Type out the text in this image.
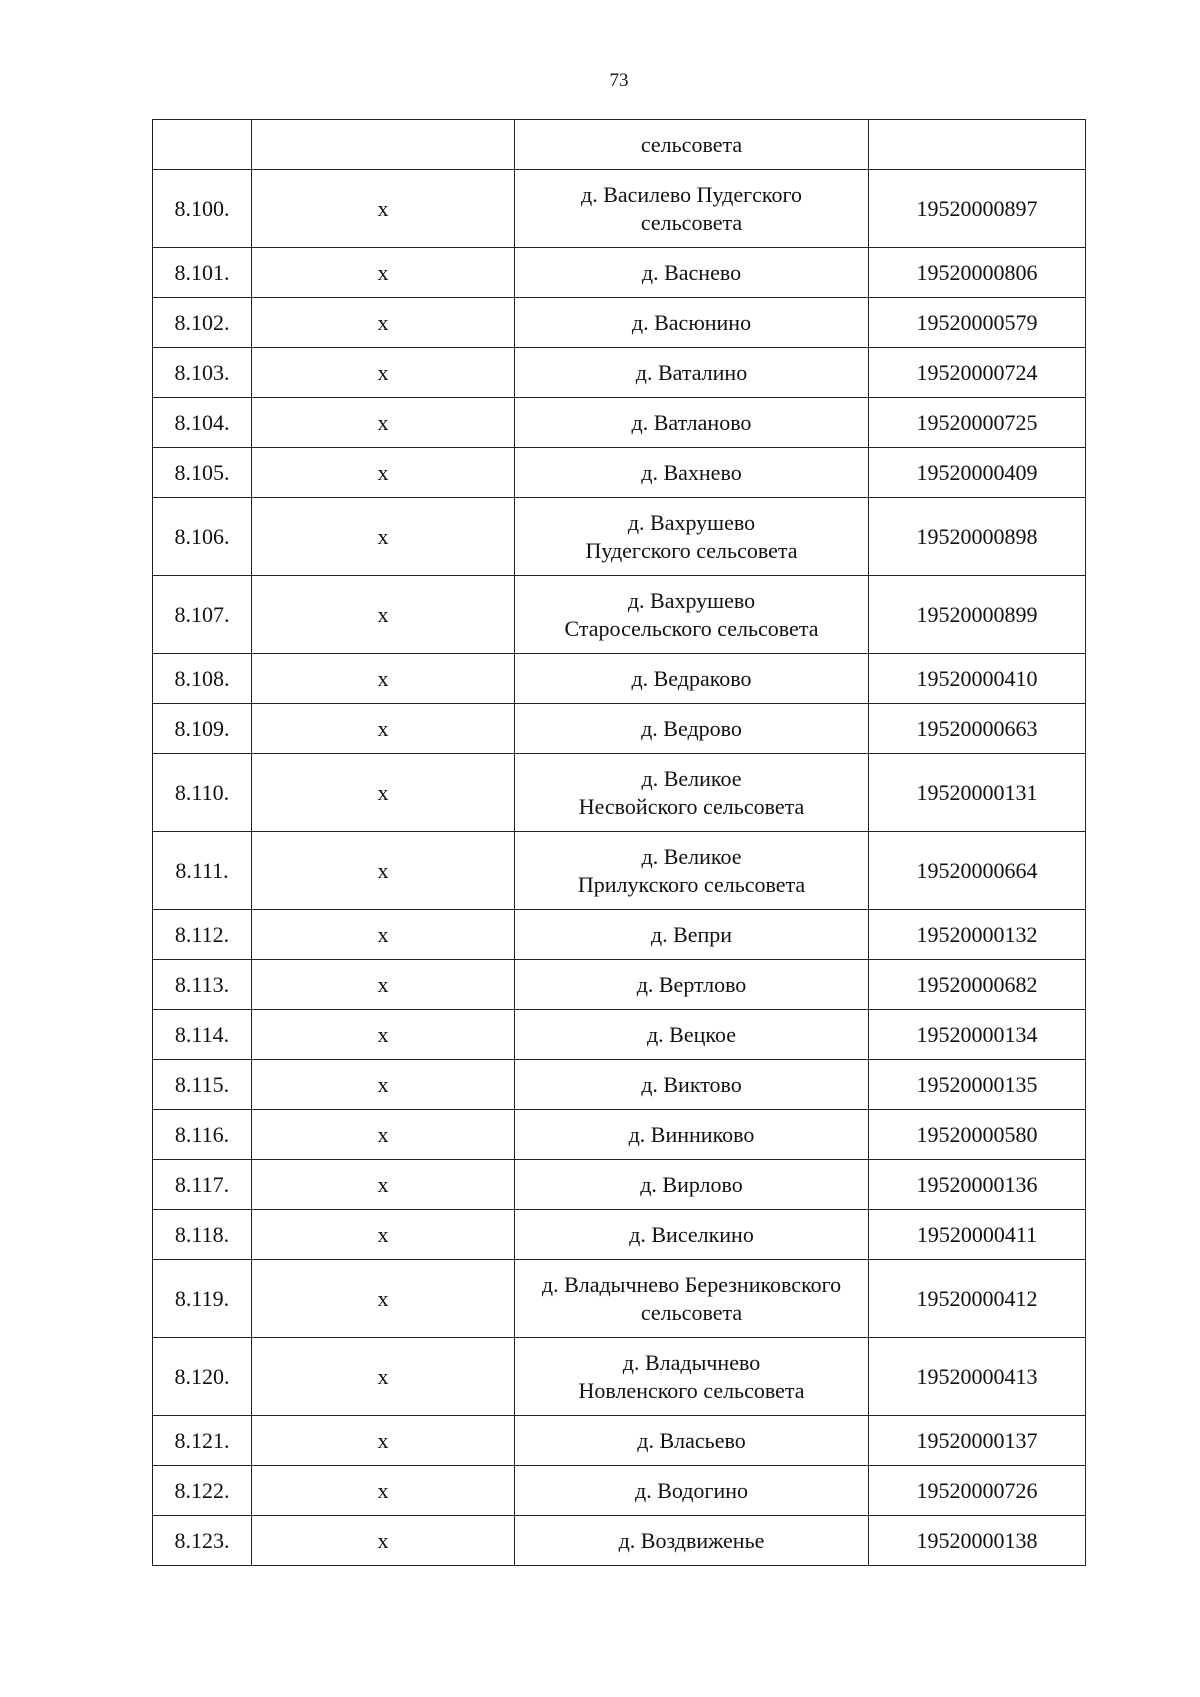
73

		сельсовета	

8.100.	х	д. Василево Пудегского
сельсовета	19520000897
8.101.	х	д. Васнево	19520000806
8.102.	х	д. Васюнино	19520000579
8.103.	х	д. Ваталино	19520000724
8.104.	х	д. Ватланово	19520000725
8.105.	х	д. Вахнево	19520000409
8.106.	х	д. Вахрушево
Пудегского сельсовета	19520000898
8.107.	х	д. Вахрушево
Старосельского сельсовета	19520000899
8.108.	х	д. Ведраково	19520000410
8.109.	х	д. Ведрово	19520000663
8.110.	х	д. Великое
Несвойского сельсовета	19520000131
8.111.	х	д. Великое
Прилукского сельсовета	19520000664
8.112.	х	д. Вепри	19520000132
8.113.	х	д. Вертлово	19520000682
8.114.	х	д. Вецкое	19520000134
8.115.	х	д. Виктово	19520000135
8.116.	х	д. Винниково	19520000580
8.117.	х	д. Вирлово	19520000136
8.118.	х	д. Виселкино	19520000411
8.119.	х	д. Владычнево Березниковского
сельсовета	19520000412
8.120.	х	д. Владычнево
Новленского сельсовета	19520000413
8.121.	х	д. Власьево	19520000137
8.122.	х	д. Водогино	19520000726
8.123.	х	д. Воздвиженье	19520000138
